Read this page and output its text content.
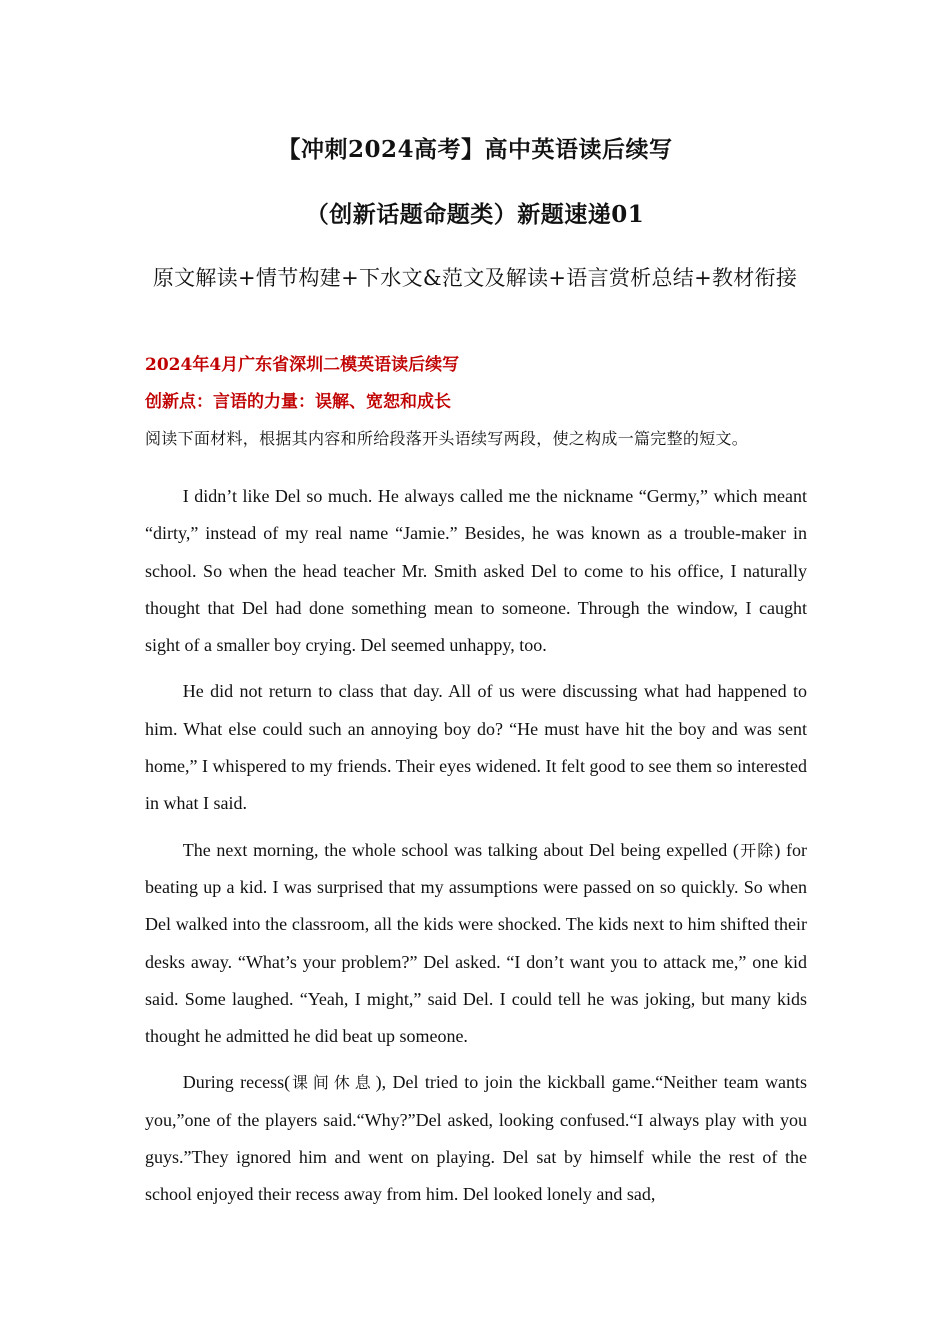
【冲刺2024高考】高中英语读后续写
（创新话题命题类）新题速递01
原文解读+情节构建+下水文&范文及解读+语言赏析总结+教材衔接
2024年4月广东省深圳二模英语读后续写
创新点：言语的力量：误解、宽恕和成长
阅读下面材料，根据其内容和所给段落开头语续写两段，使之构成一篇完整的短文。

I didn’t like Del so much. He always called me the nickname “Germy,” which meant “dirty,” instead of my real name “Jamie.” Besides, he was known as a trouble-maker in school. So when the head teacher Mr. Smith asked Del to come to his office, I naturally thought that Del had done something mean to someone. Through the window, I caught sight of a smaller boy crying. Del seemed unhappy, too.

He did not return to class that day. All of us were discussing what had happened to him. What else could such an annoying boy do? “He must have hit the boy and was sent home,” I whispered to my friends. Their eyes widened. It felt good to see them so interested in what I said.

The next morning, the whole school was talking about Del being expelled (开除) for beating up a kid. I was surprised that my assumptions were passed on so quickly. So when Del walked into the classroom, all the kids were shocked. The kids next to him shifted their desks away. “What’s your problem?” Del asked. “I don’t want you to attack me,” one kid said. Some laughed. “Yeah, I might,” said Del. I could tell he was joking, but many kids thought he admitted he did beat up someone.

During recess(课间休息), Del tried to join the kickball game.“Neither team wants you,”one of the players said.“Why?”Del asked, looking confused.“I always play with you guys.”They ignored him and went on playing. Del sat by himself while the rest of the school enjoyed their recess away from him. Del looked lonely and sad,
